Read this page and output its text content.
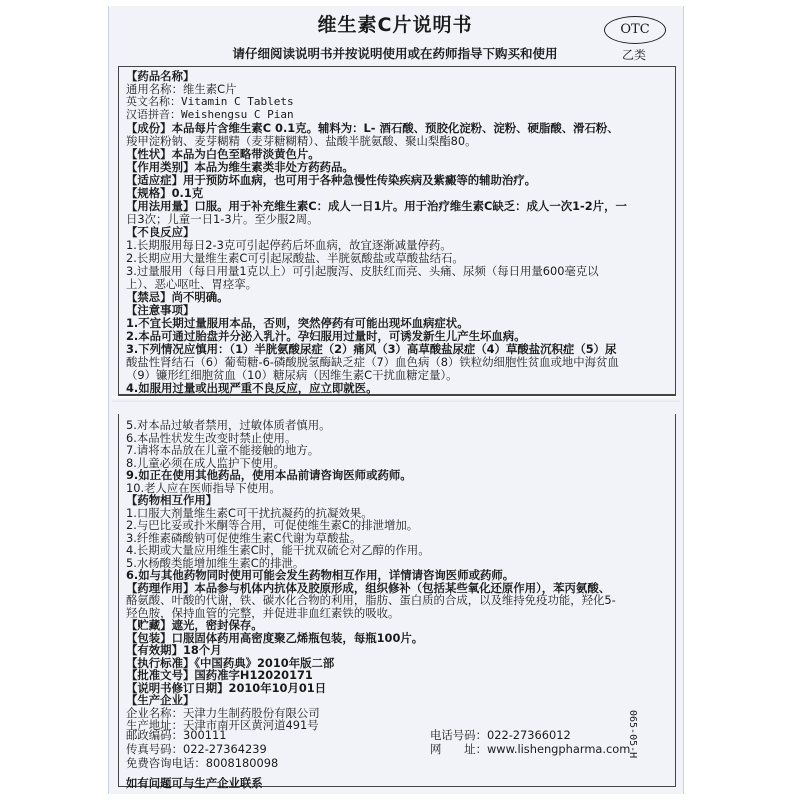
维生素C片说明书
请仔细阅读说明书并按说明使用或在药师指导下购买和使用
OTC
乙类
【药品名称】
通用名称：维生素C片
英文名称：Vitamin C Tablets
汉语拼音：Weishengsu C Pian
【成份】本品每片含维生素C 0.1克。辅料为：L- 酒石酸、预胶化淀粉、淀粉、硬脂酸、滑石粉、
羧甲淀粉钠、麦芽糊精（麦芽糖糊精）、盐酸半胱氨酸、聚山梨酯80。
【性状】本品为白色至略带淡黄色片。
【作用类别】本品为维生素类非处方药药品。
【适应症】用于预防坏血病，也可用于各种急慢性传染疾病及紫癜等的辅助治疗。
【规格】0.1克
【用法用量】口服。用于补充维生素C：成人一日1片。用于治疗维生素C缺乏：成人一次1-2片，一
日3次；儿童一日1-3片。至少服2周。
【不良反应】
1.长期服用每日2-3克可引起停药后坏血病，故宜逐渐减量停药。
2.长期应用大量维生素C可引起尿酸盐、半胱氨酸盐或草酸盐结石。
3.过量服用（每日用量1克以上）可引起腹泻、皮肤红而亮、头痛、尿频（每日用量600毫克以
上）、恶心呕吐、胃痉挛。
【禁忌】尚不明确。
【注意事项】
1.不宜长期过量服用本品，否则，突然停药有可能出现坏血病症状。
2.本品可通过胎盘并分泌入乳汁。孕妇服用过量时，可诱发新生儿产生坏血病。
3.下列情况应慎用：（1）半胱氨酸尿症（2）痛风（3）高草酸盐尿症（4）草酸盐沉积症（5）尿
酸盐性肾结石（6）葡萄糖-6-磷酸脱氢酶缺乏症（7）血色病（8）铁粒幼细胞性贫血或地中海贫血
（9）镰形红细胞贫血（10）糖尿病（因维生素C干扰血糖定量）。
4.如服用过量或出现严重不良反应，应立即就医。
5.对本品过敏者禁用，过敏体质者慎用。
6.本品性状发生改变时禁止使用。
7.请将本品放在儿童不能接触的地方。
8.儿童必须在成人监护下使用。
9.如正在使用其他药品，使用本品前请咨询医师或药师。
10.老人应在医师指导下使用。
【药物相互作用】
1.口服大剂量维生素C可干扰抗凝药的抗凝效果。
2.与巴比妥或扑米酮等合用，可促使维生素C的排泄增加。
3.纤维素磷酸钠可促使维生素C代谢为草酸盐。
4.长期或大量应用维生素C时，能干扰双硫仑对乙醇的作用。
5.水杨酸类能增加维生素C的排泄。
6.如与其他药物同时使用可能会发生药物相互作用，详情请咨询医师或药师。
【药理作用】本品参与机体内抗体及胶原形成，组织修补（包括某些氧化还原作用），苯丙氨酸、
酪氨酸、叶酸的代谢，铁、碳水化合物的利用，脂肪、蛋白质的合成，以及维持免疫功能，羟化5-
羟色胺，保持血管的完整，并促进非血红素铁的吸收。
【贮藏】遮光，密封保存。
【包装】口服固体药用高密度聚乙烯瓶包装，每瓶100片。
【有效期】18个月
【执行标准】《中国药典》2010年版二部
【批准文号】国药准字H12020171
【说明书修订日期】2010年10月01日
【生产企业】
企业名称：天津力生制药股份有限公司
生产地址：天津市南开区黄河道491号
邮政编码：300111	电话号码：022-27366012
传真号码：022-27364239	网　　址：www.lishengpharma.com
免费咨询电话：8008180098
如有问题可与生产企业联系
065-05-H
